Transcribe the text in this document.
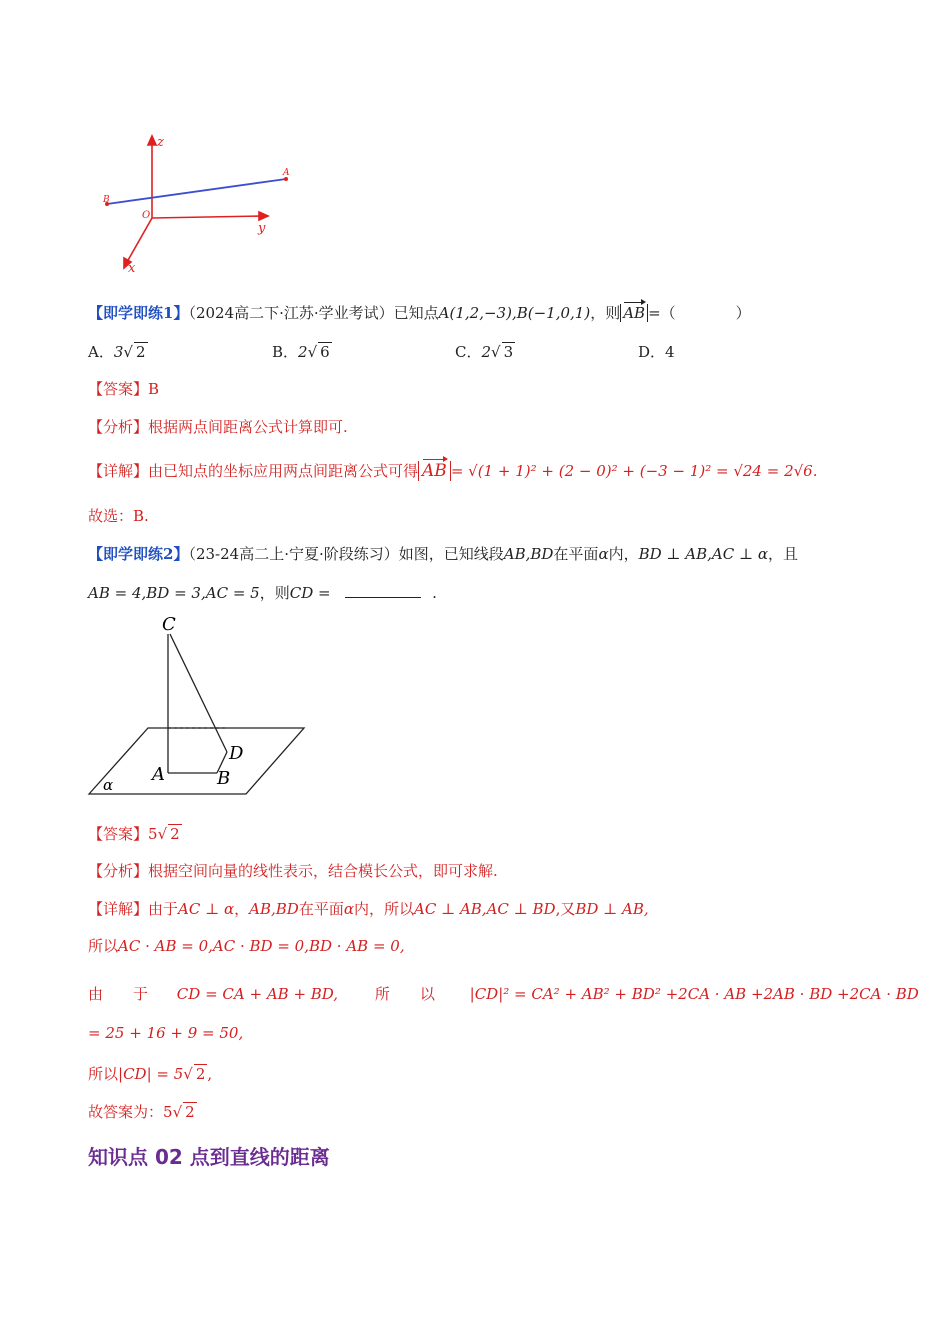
z
y
x
O
A
B
【即学即练1】（2024高二下·江苏·学业考试）已知点A(1,2,−3),B(−1,0,1)，则 AB =（　　　　）
A．3√ 2	B．2√ 6	C．2√ 3	D．4
【答案】B
【分析】根据两点间距离公式计算即可.
【详解】由已知点的坐标应用两点间距离公式可得 AB = √(1 + 1)² + (2 − 0)² + (−3 − 1)² = √24 = 2√6.
故选：B.
【即学即练2】（23-24高二上·宁夏·阶段练习）如图，已知线段AB,BD在平面α内，BD ⊥ AB,AC ⊥ α，且
AB = 4,BD = 3,AC = 5，则CD =	.
C
D
A	B
α
【答案】5√ 2
【分析】根据空间向量的线性表示，结合模长公式，即可求解.
【详解】由于AC ⊥ α，AB,BD在平面α内，所以AC ⊥ AB,AC ⊥ BD,又BD ⊥ AB,
所以AC · AB = 0,AC · BD = 0,BD · AB = 0,
由　　于 CD = CA + AB + BD, 所　　以 |CD|² = CA² + AB² + BD² +2CA · AB +2AB · BD +2CA · BD
= 25 + 16 + 9 = 50,
所以|CD| = 5√ 2 ,
故答案为：5√ 2
知识点 02 点到直线的距离
